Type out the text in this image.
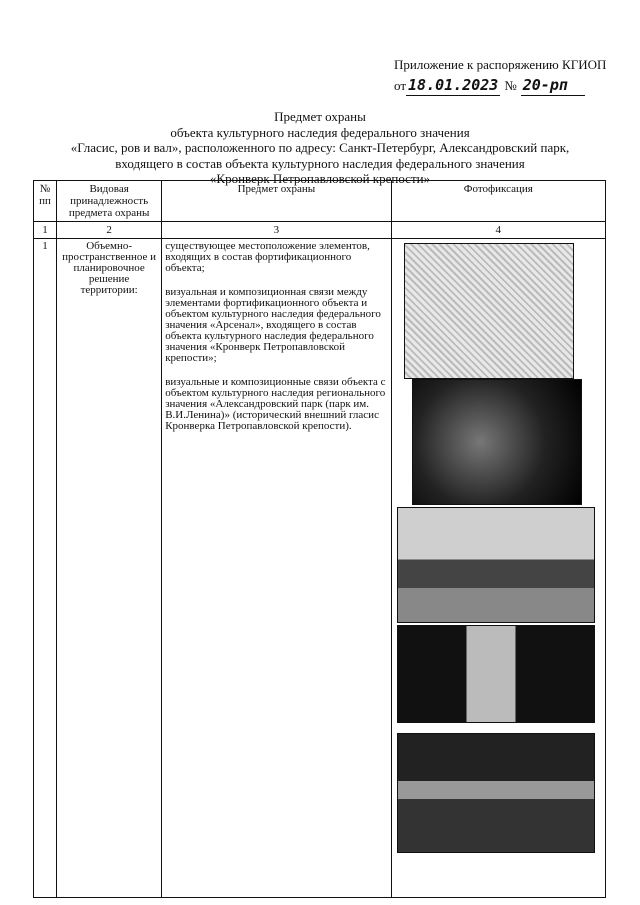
Приложение к распоряжению КГИОП
от 18.01.2023 № 20-рп
Предмет охраны
объекта культурного наследия федерального значения
«Гласис, ров и вал», расположенного по адресу: Санкт-Петербург, Александровский парк,
входящего в состав объекта культурного наследия федерального значения
«Кронверк Петропавловской крепости»
№ пп	Видовая принадлежность предмета охраны	Предмет охраны	Фотофиксация
1	2	3	4
1	Объемно-пространственное и планировочное решение территории:	существующее местоположение элементов, входящих в состав фортификационного объекта;

визуальная и композиционная связи между элементами фортификационного объекта и объектом культурного наследия федерального значения «Арсенал», входящего в состав объекта культурного наследия федерального значения «Кронверк Петропавловской крепости»;

визуальные и композиционные связи объекта с объектом культурного наследия регионального значения «Александровский парк (парк им. В.И.Ленина)» (исторический внешний гласис Кронверка Петропавловской крепости).	
